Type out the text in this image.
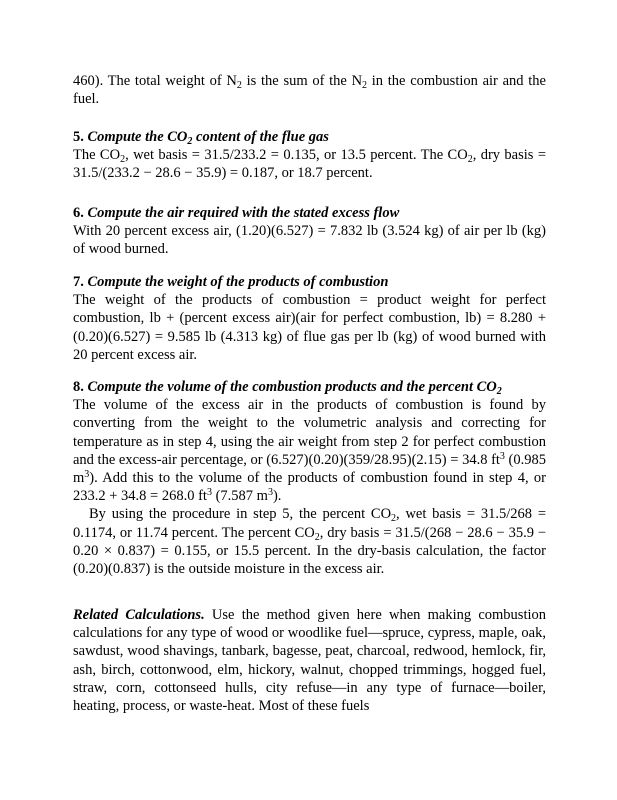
460). The total weight of $N_2$ is the sum of the $N_2$ in the combustion air and the fuel.

5. Compute the $CO_2$ content of the flue gas

The $CO_2$, wet basis = 31.5/233.2 = 0.135, or 13.5 percent. The $CO_2$, dry basis = 31.5/(233.2 − 28.6 − 35.9) = 0.187, or 18.7 percent.

6. Compute the air required with the stated excess flow

With 20 percent excess air, (1.20)(6.527) = 7.832 lb (3.524 kg) of air per lb (kg) of wood burned.

7. Compute the weight of the products of combustion

The weight of the products of combustion = product weight for perfect combustion, lb + (percent excess air)(air for perfect combustion, lb) = 8.280 + (0.20)(6.527) = 9.585 lb (4.313 kg) of flue gas per lb (kg) of wood burned with 20 percent excess air.

8. Compute the volume of the combustion products and the percent $CO_2$

The volume of the excess air in the products of combustion is found by converting from the weight to the volumetric analysis and correcting for temperature as in step 4, using the air weight from step 2 for perfect combustion and the excess-air percentage, or (6.527)(0.20)(359/28.95)(2.15) = 34.8 $ft^3$ (0.985 $m^3$). Add this to the volume of the products of combustion found in step 4, or 233.2 + 34.8 = 268.0 $ft^3$ (7.587 $m^3$).

By using the procedure in step 5, the percent $CO_2$, wet basis = 31.5/268 = 0.1174, or 11.74 percent. The percent $CO_2$, dry basis = 31.5/(268 − 28.6 − 35.9 − 0.20 × 0.837) = 0.155, or 15.5 percent. In the dry-basis calculation, the factor (0.20)(0.837) is the outside moisture in the excess air.

Related Calculations. Use the method given here when making combustion calculations for any type of wood or woodlike fuel—spruce, cypress, maple, oak, sawdust, wood shavings, tanbark, bagesse, peat, charcoal, redwood, hemlock, fir, ash, birch, cottonwood, elm, hickory, walnut, chopped trimmings, hogged fuel, straw, corn, cottonseed hulls, city refuse—in any type of furnace—boiler, heating, process, or waste-heat. Most of these fuels
